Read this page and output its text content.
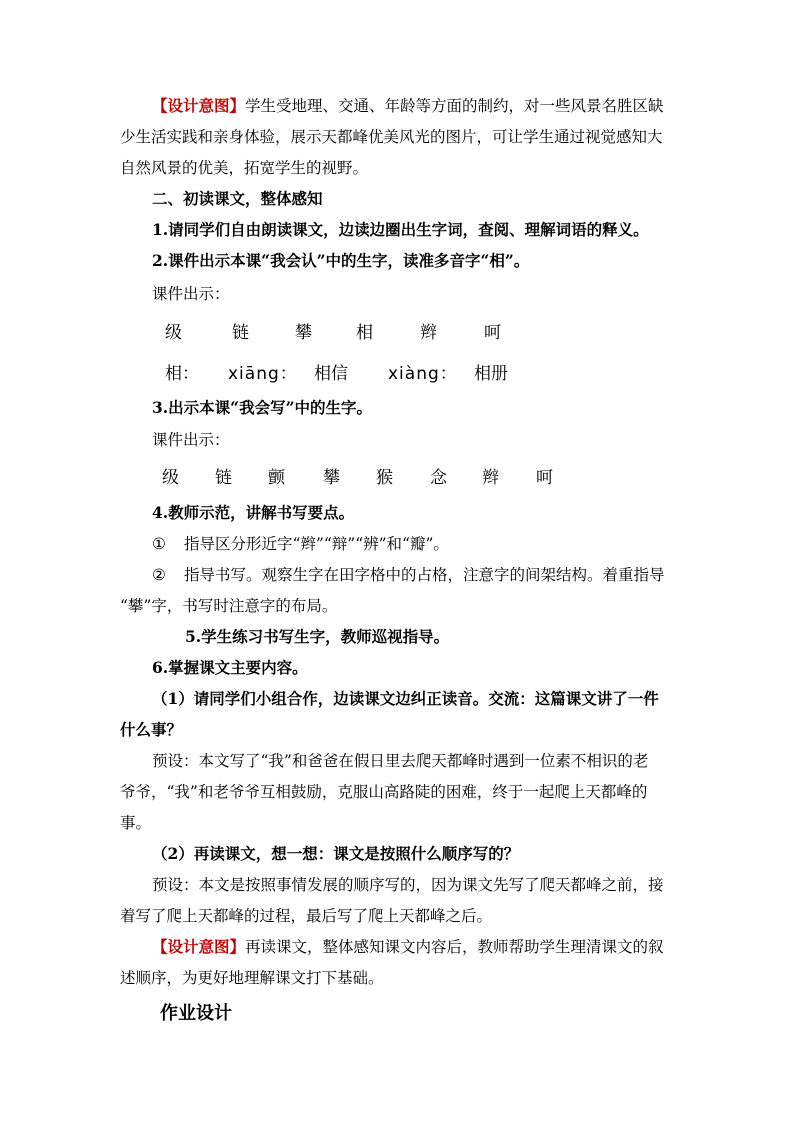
【设计意图】学生受地理、交通、年龄等方面的制约，对一些风景名胜区缺
少生活实践和亲身体验，展示天都峰优美风光的图片，可让学生通过视觉感知大
自然风景的优美，拓宽学生的视野。
二、初读课文，整体感知
1.请同学们自由朗读课文，边读边圈出生字词，查阅、理解词语的释义。
2.课件出示本课“我会认”中的生字，读准多音字“相”。
课件出示：
级	链	攀	相	辫	呵
相： xiāng： 相信 xiàng： 相册
3.出示本课“我会写”中的生字。
课件出示：
级 链 颤 攀 猴 念 辫 呵
4.教师示范，讲解书写要点。
① 指导区分形近字“辫”“辩”“辨”和“瓣”。
② 指导书写。观察生字在田字格中的占格，注意字的间架结构。着重指导
“攀”字，书写时注意字的布局。
5.学生练习书写生字，教师巡视指导。
6.掌握课文主要内容。
（1）请同学们小组合作，边读课文边纠正读音。交流：这篇课文讲了一件
什么事？
预设：本文写了“我”和爸爸在假日里去爬天都峰时遇到一位素不相识的老
爷爷，“我”和老爷爷互相鼓励，克服山高路陡的困难，终于一起爬上天都峰的
事。
（2）再读课文，想一想：课文是按照什么顺序写的？
预设：本文是按照事情发展的顺序写的，因为课文先写了爬天都峰之前，接
着写了爬上天都峰的过程，最后写了爬上天都峰之后。
【设计意图】再读课文，整体感知课文内容后，教师帮助学生理清课文的叙
述顺序，为更好地理解课文打下基础。
作业设计
